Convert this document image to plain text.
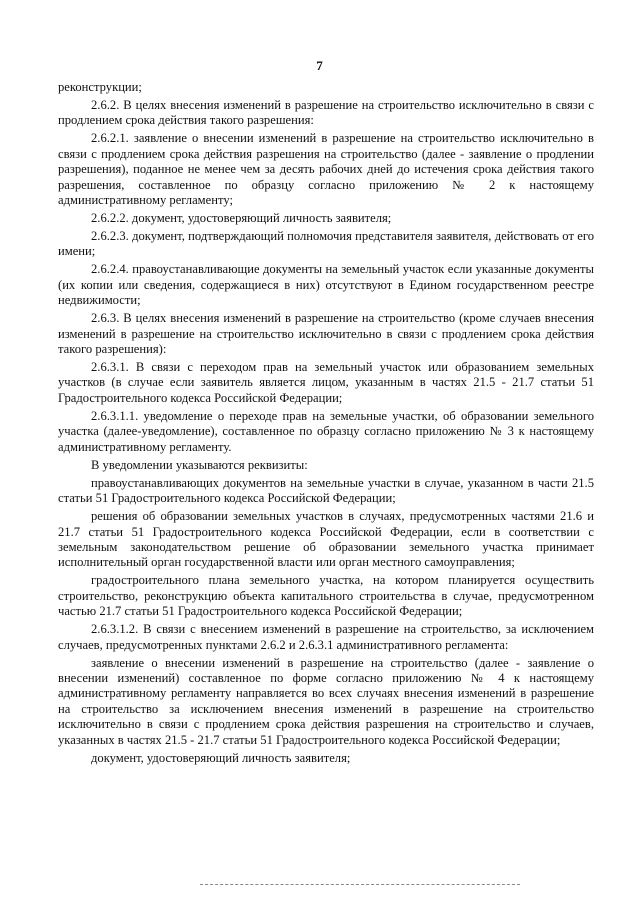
7

реконструкции;

2.6.2. В целях внесения изменений в разрешение на строительство исключительно в связи с продлением срока действия такого разрешения:

2.6.2.1. заявление о внесении изменений в разрешение на строительство исключительно в связи с продлением срока действия разрешения на строительство (далее - заявление о продлении разрешения), поданное не менее чем за десять рабочих дней до истечения срока действия такого разрешения, составленное по образцу согласно приложению № 2 к настоящему административному регламенту;

2.6.2.2. документ, удостоверяющий личность заявителя;

2.6.2.3. документ, подтверждающий полномочия представителя заявителя, действовать от его имени;

2.6.2.4. правоустанавливающие документы на земельный участок если указанные документы (их копии или сведения, содержащиеся в них) отсутствуют в Едином государственном реестре недвижимости;

2.6.3. В целях внесения изменений в разрешение на строительство (кроме случаев внесения изменений в разрешение на строительство исключительно в связи с продлением срока действия такого разрешения):

2.6.3.1. В связи с переходом прав на земельный участок или образованием земельных участков (в случае если заявитель является лицом, указанным в частях 21.5 - 21.7 статьи 51 Градостроительного кодекса Российской Федерации;

2.6.3.1.1. уведомление о переходе прав на земельные участки, об образовании земельного участка (далее-уведомление), составленное по образцу согласно приложению № 3 к настоящему административному регламенту.

В уведомлении указываются реквизиты:

правоустанавливающих документов на земельные участки в случае, указанном в части 21.5 статьи 51 Градостроительного кодекса Российской Федерации;

решения об образовании земельных участков в случаях, предусмотренных частями 21.6 и 21.7 статьи 51 Градостроительного кодекса Российской Федерации, если в соответствии с земельным законодательством решение об образовании земельного участка принимает исполнительный орган государственной власти или орган местного самоуправления;

градостроительного плана земельного участка, на котором планируется осуществить строительство, реконструкцию объекта капитального строительства в случае, предусмотренном частью 21.7 статьи 51 Градостроительного кодекса Российской Федерации;

2.6.3.1.2. В связи с внесением изменений в разрешение на строительство, за исключением случаев, предусмотренных пунктами 2.6.2 и 2.6.3.1 административного регламента:

заявление о внесении изменений в разрешение на строительство (далее - заявление о внесении изменений) составленное по форме согласно приложению № 4 к настоящему административному регламенту направляется во всех случаях внесения изменений в разрешение на строительство за исключением внесения изменений в разрешение на строительство исключительно в связи с продлением срока действия разрешения на строительство и случаев, указанных в частях 21.5 - 21.7 статьи 51 Градостроительного кодекса Российской Федерации;

документ, удостоверяющий личность заявителя;
